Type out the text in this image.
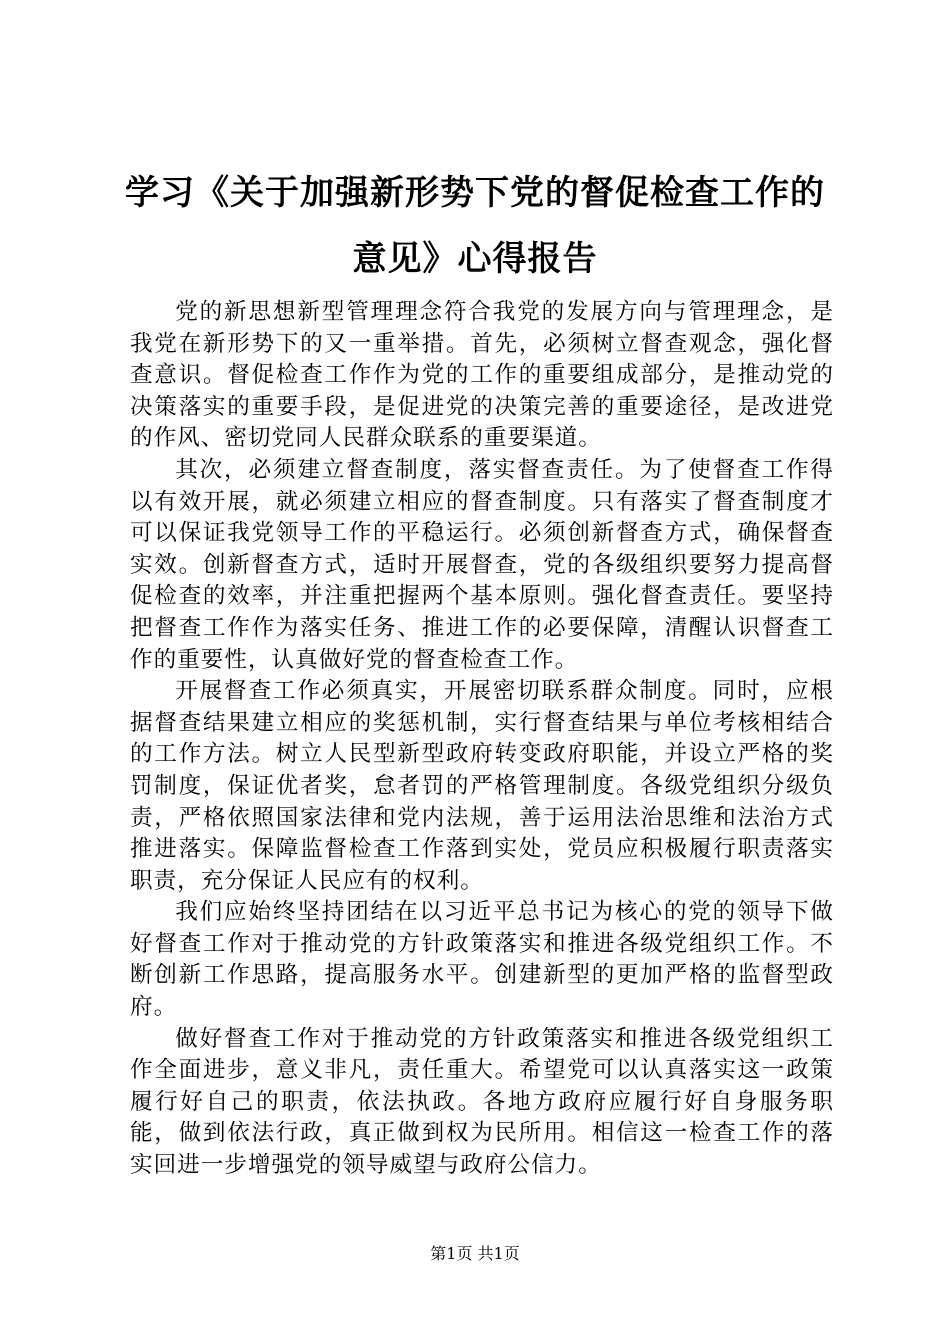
学习《关于加强新形势下党的督促检查工作的
意见》心得报告

党的新思想新型管理理念符合我党的发展方向与管理理念，是我党在新形势下的又一重举措。首先，必须树立督查观念，强化督查意识。督促检查工作作为党的工作的重要组成部分，是推动党的决策落实的重要手段，是促进党的决策完善的重要途径，是改进党的作风、密切党同人民群众联系的重要渠道。

其次，必须建立督查制度，落实督查责任。为了使督查工作得以有效开展，就必须建立相应的督查制度。只有落实了督查制度才可以保证我党领导工作的平稳运行。必须创新督查方式，确保督查实效。创新督查方式，适时开展督查，党的各级组织要努力提高督促检查的效率，并注重把握两个基本原则。强化督查责任。要坚持把督查工作作为落实任务、推进工作的必要保障，清醒认识督查工作的重要性，认真做好党的督查检查工作。

开展督查工作必须真实，开展密切联系群众制度。同时，应根据督查结果建立相应的奖惩机制，实行督查结果与单位考核相结合的工作方法。树立人民型新型政府转变政府职能，并设立严格的奖罚制度，保证优者奖，怠者罚的严格管理制度。各级党组织分级负责，严格依照国家法律和党内法规，善于运用法治思维和法治方式推进落实。保障监督检查工作落到实处，党员应积极履行职责落实职责，充分保证人民应有的权利。

我们应始终坚持团结在以习近平总书记为核心的党的领导下做好督查工作对于推动党的方针政策落实和推进各级党组织工作。不断创新工作思路，提高服务水平。创建新型的更加严格的监督型政府。

做好督查工作对于推动党的方针政策落实和推进各级党组织工作全面进步，意义非凡，责任重大。希望党可以认真落实这一政策履行好自己的职责，依法执政。各地方政府应履行好自身服务职能，做到依法行政，真正做到权为民所用。相信这一检查工作的落实回进一步增强党的领导威望与政府公信力。

第1页 共1页
